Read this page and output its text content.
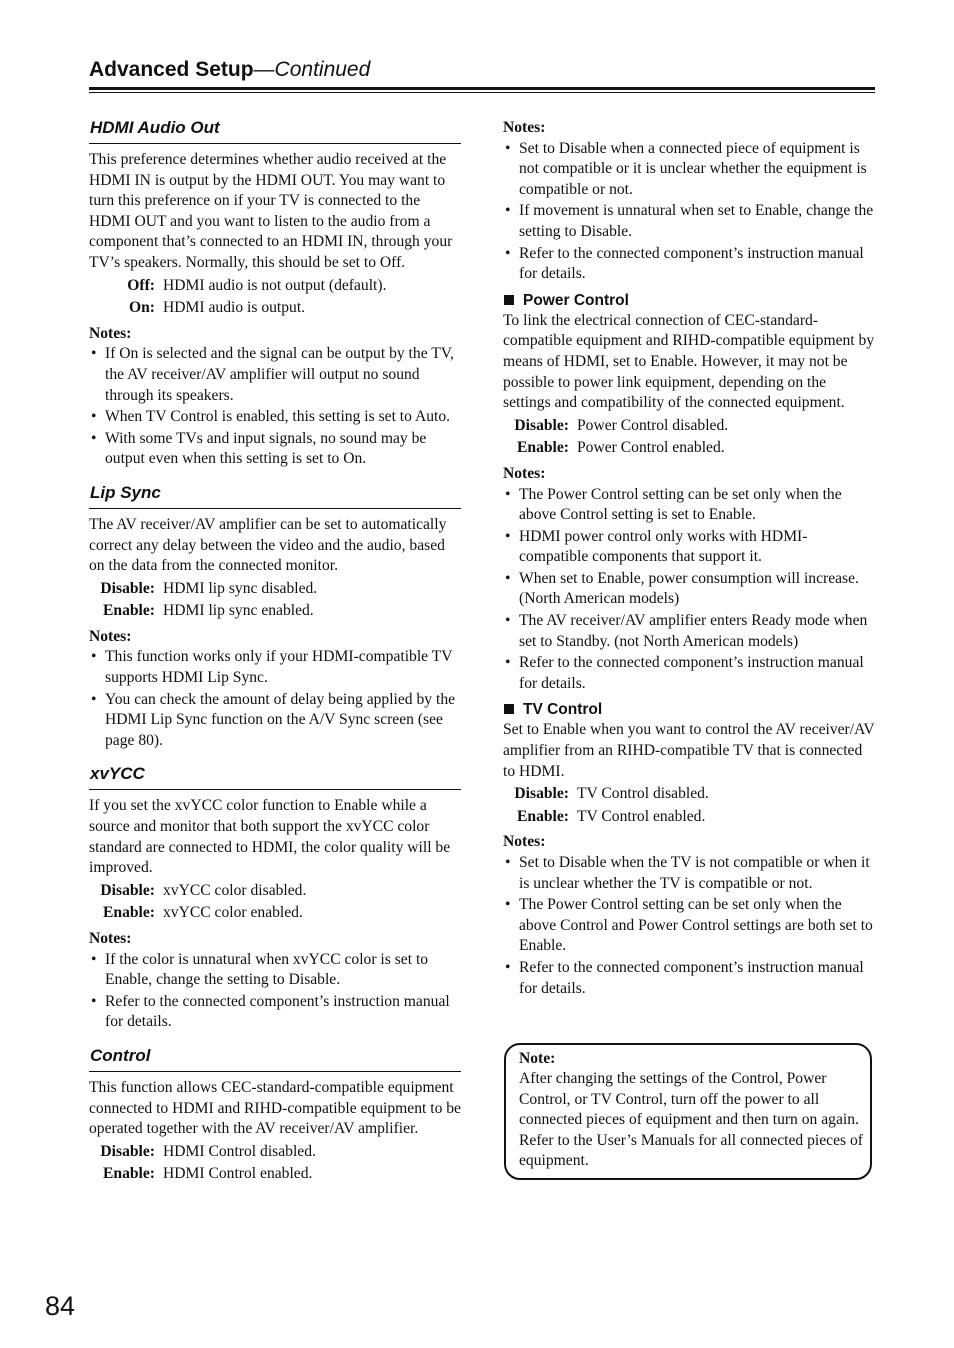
Advanced Setup—Continued
HDMI Audio Out
This preference determines whether audio received at the HDMI IN is output by the HDMI OUT. You may want to turn this preference on if your TV is connected to the HDMI OUT and you want to listen to the audio from a component that’s connected to an HDMI IN, through your TV’s speakers. Normally, this should be set to Off.
Off: HDMI audio is not output (default).
On: HDMI audio is output.
Notes:
• If On is selected and the signal can be output by the TV, the AV receiver/AV amplifier will output no sound through its speakers.
• When TV Control is enabled, this setting is set to Auto.
• With some TVs and input signals, no sound may be output even when this setting is set to On.
Lip Sync
The AV receiver/AV amplifier can be set to automatically correct any delay between the video and the audio, based on the data from the connected monitor.
Disable: HDMI lip sync disabled.
Enable: HDMI lip sync enabled.
Notes:
• This function works only if your HDMI-compatible TV supports HDMI Lip Sync.
• You can check the amount of delay being applied by the HDMI Lip Sync function on the A/V Sync screen (see page 80).
xvYCC
If you set the xvYCC color function to Enable while a source and monitor that both support the xvYCC color standard are connected to HDMI, the color quality will be improved.
Disable: xvYCC color disabled.
Enable: xvYCC color enabled.
Notes:
• If the color is unnatural when xvYCC color is set to Enable, change the setting to Disable.
• Refer to the connected component’s instruction manual for details.
Control
This function allows CEC-standard-compatible equipment connected to HDMI and RIHD-compatible equipment to be operated together with the AV receiver/AV amplifier.
Disable: HDMI Control disabled.
Enable: HDMI Control enabled.
Notes:
• Set to Disable when a connected piece of equipment is not compatible or it is unclear whether the equipment is compatible or not.
• If movement is unnatural when set to Enable, change the setting to Disable.
• Refer to the connected component’s instruction manual for details.
Power Control
To link the electrical connection of CEC-standard-compatible equipment and RIHD-compatible equipment by means of HDMI, set to Enable. However, it may not be possible to power link equipment, depending on the settings and compatibility of the connected equipment.
Disable: Power Control disabled.
Enable: Power Control enabled.
Notes:
• The Power Control setting can be set only when the above Control setting is set to Enable.
• HDMI power control only works with HDMI-compatible components that support it.
• When set to Enable, power consumption will increase. (North American models)
• The AV receiver/AV amplifier enters Ready mode when set to Standby. (not North American models)
• Refer to the connected component’s instruction manual for details.
TV Control
Set to Enable when you want to control the AV receiver/AV amplifier from an RIHD-compatible TV that is connected to HDMI.
Disable: TV Control disabled.
Enable: TV Control enabled.
Notes:
• Set to Disable when the TV is not compatible or when it is unclear whether the TV is compatible or not.
• The Power Control setting can be set only when the above Control and Power Control settings are both set to Enable.
• Refer to the connected component’s instruction manual for details.
Note:
After changing the settings of the Control, Power Control, or TV Control, turn off the power to all connected pieces of equipment and then turn on again. Refer to the User’s Manuals for all connected pieces of equipment.
84
